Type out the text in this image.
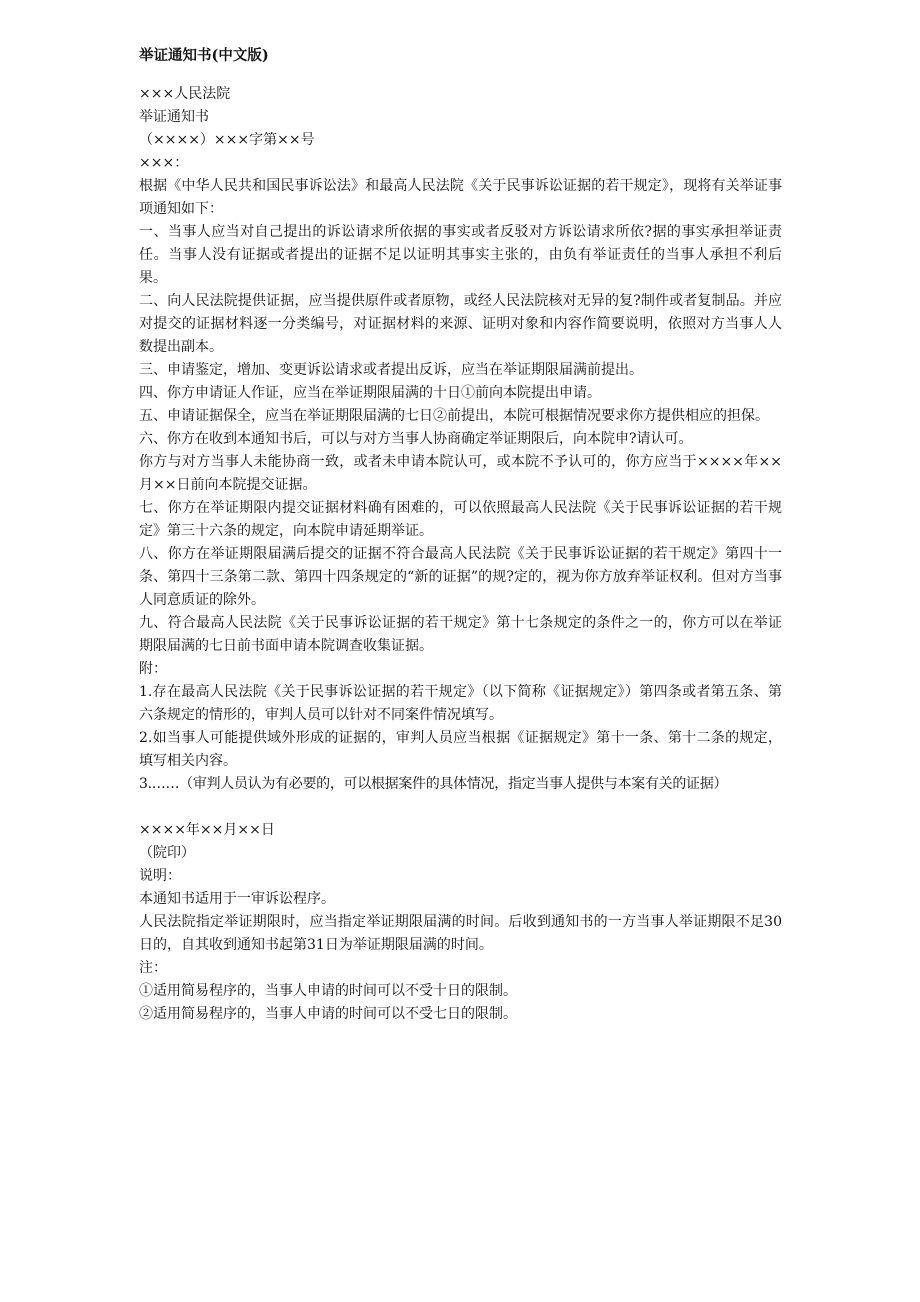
举证通知书(中文版)

×××人民法院

举证通知书

（××××）×××字第××号

×××：

根据《中华人民共和国民事诉讼法》和最高人民法院《关于民事诉讼证据的若干规定》，现将有关举证事项通知如下：

一、当事人应当对自己提出的诉讼请求所依据的事实或者反驳对方诉讼请求所依?据的事实承担举证责任。当事人没有证据或者提出的证据不足以证明其事实主张的，由负有举证责任的当事人承担不利后果。

二、向人民法院提供证据，应当提供原件或者原物，或经人民法院核对无异的复?制件或者复制品。并应对提交的证据材料逐一分类编号，对证据材料的来源、证明对象和内容作简要说明，依照对方当事人人数提出副本。

三、申请鉴定，增加、变更诉讼请求或者提出反诉，应当在举证期限届满前提出。

四、你方申请证人作证，应当在举证期限届满的十日①前向本院提出申请。

五、申请证据保全，应当在举证期限届满的七日②前提出，本院可根据情况要求你方提供相应的担保。

六、你方在收到本通知书后，可以与对方当事人协商确定举证期限后，向本院申?请认可。

你方与对方当事人未能协商一致，或者未申请本院认可，或本院不予认可的，你方应当于××××年××月××日前向本院提交证据。

七、你方在举证期限内提交证据材料确有困难的，可以依照最高人民法院《关于民事诉讼证据的若干规定》第三十六条的规定，向本院申请延期举证。

八、你方在举证期限届满后提交的证据不符合最高人民法院《关于民事诉讼证据的若干规定》第四十一条、第四十三条第二款、第四十四条规定的“新的证据”的规?定的，视为你方放弃举证权利。但对方当事人同意质证的除外。

九、符合最高人民法院《关于民事诉讼证据的若干规定》第十七条规定的条件之一的，你方可以在举证期限届满的七日前书面申请本院调查收集证据。

附：

1.存在最高人民法院《关于民事诉讼证据的若干规定》（以下简称《证据规定》）第四条或者第五条、第六条规定的情形的，审判人员可以针对不同案件情况填写。

2.如当事人可能提供域外形成的证据的，审判人员应当根据《证据规定》第十一条、第十二条的规定，填写相关内容。

3.……（审判人员认为有必要的，可以根据案件的具体情况，指定当事人提供与本案有关的证据）

××××年××月××日

（院印）

说明：

本通知书适用于一审诉讼程序。

人民法院指定举证期限时，应当指定举证期限届满的时间。后收到通知书的一方当事人举证期限不足30日的，自其收到通知书起第31日为举证期限届满的时间。

注：

①适用简易程序的，当事人申请的时间可以不受十日的限制。

②适用简易程序的，当事人申请的时间可以不受七日的限制。
